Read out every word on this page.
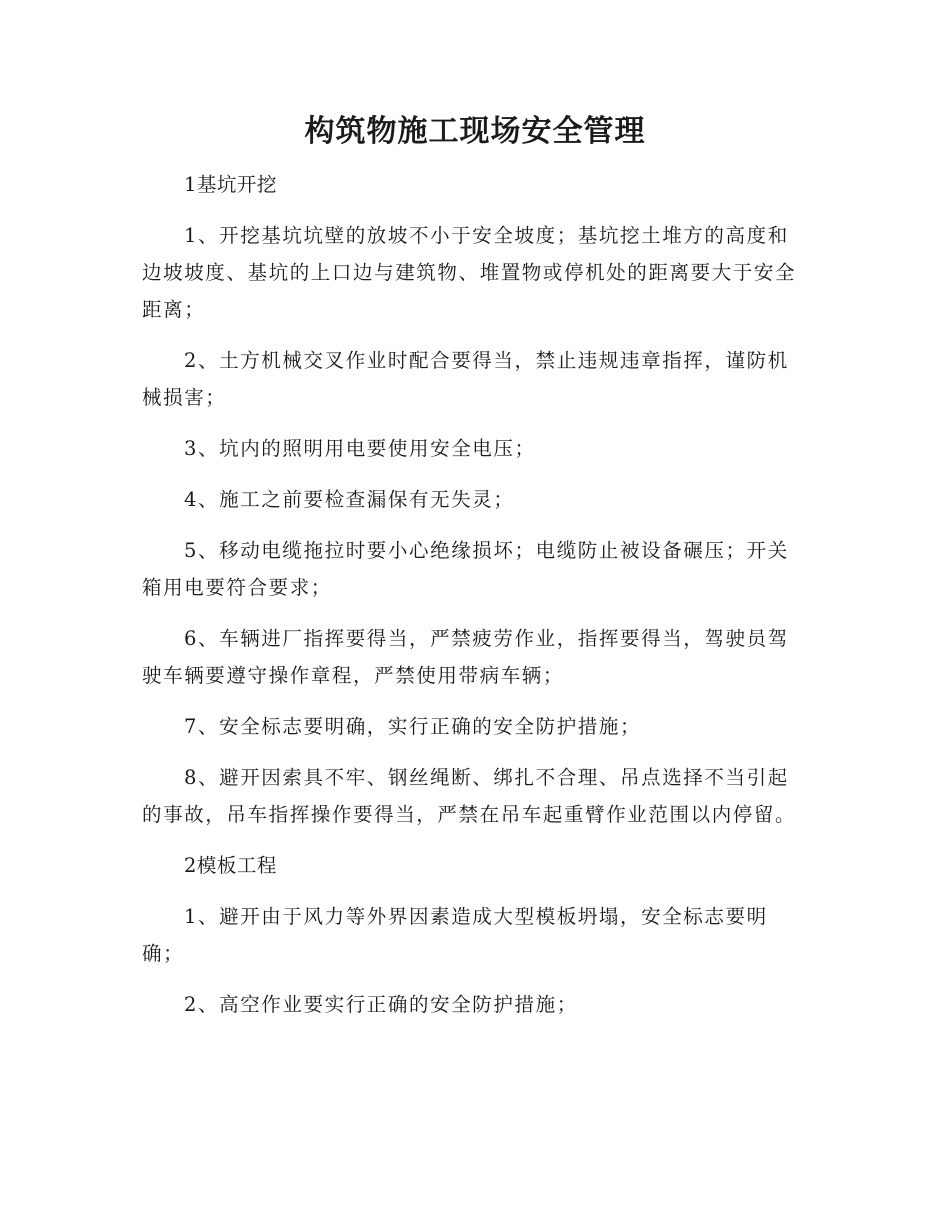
构筑物施工现场安全管理

1基坑开挖

1、开挖基坑坑壁的放坡不小于安全坡度；基坑挖土堆方的高度和边坡坡度、基坑的上口边与建筑物、堆置物或停机处的距离要大于安全距离；

2、土方机械交叉作业时配合要得当，禁止违规违章指挥，谨防机械损害；

3、坑内的照明用电要使用安全电压；

4、施工之前要检查漏保有无失灵；

5、移动电缆拖拉时要小心绝缘损坏；电缆防止被设备碾压；开关箱用电要符合要求；

6、车辆进厂指挥要得当，严禁疲劳作业，指挥要得当，驾驶员驾驶车辆要遵守操作章程，严禁使用带病车辆；

7、安全标志要明确，实行正确的安全防护措施；

8、避开因索具不牢、钢丝绳断、绑扎不合理、吊点选择不当引起的事故，吊车指挥操作要得当，严禁在吊车起重臂作业范围以内停留。

2模板工程

1、避开由于风力等外界因素造成大型模板坍塌，安全标志要明确；

2、高空作业要实行正确的安全防护措施；
